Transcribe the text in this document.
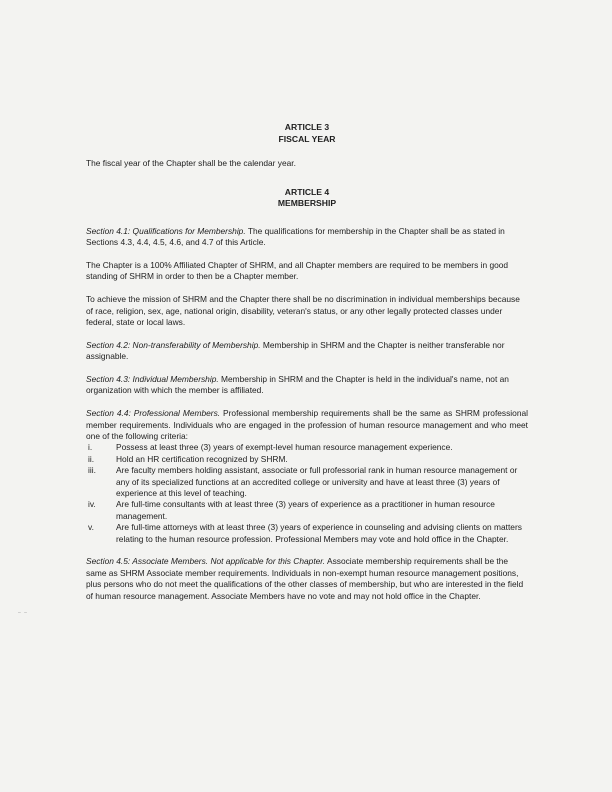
ARTICLE 3
FISCAL YEAR

The fiscal year of the Chapter shall be the calendar year.

ARTICLE 4
MEMBERSHIP

Section 4.1: Qualifications for Membership. The qualifications for membership in the Chapter shall be as stated in Sections 4.3, 4.4, 4.5, 4.6, and 4.7 of this Article.

The Chapter is a 100% Affiliated Chapter of SHRM, and all Chapter members are required to be members in good standing of SHRM in order to then be a Chapter member.

To achieve the mission of SHRM and the Chapter there shall be no discrimination in individual memberships because of race, religion, sex, age, national origin, disability, veteran's status, or any other legally protected classes under federal, state or local laws.

Section 4.2: Non-transferability of Membership. Membership in SHRM and the Chapter is neither transferable nor assignable.

Section 4.3: Individual Membership. Membership in SHRM and the Chapter is held in the individual's name, not an organization with which the member is affiliated.

Section 4.4: Professional Members. Professional membership requirements shall be the same as SHRM professional member requirements. Individuals who are engaged in the profession of human resource management and who meet one of the following criteria:

i.	Possess at least three (3) years of exempt-level human resource management experience.
ii.	Hold an HR certification recognized by SHRM.
iii.	Are faculty members holding assistant, associate or full professorial rank in human resource management or any of its specialized functions at an accredited college or university and have at least three (3) years of experience at this level of teaching.
iv.	Are full-time consultants with at least three (3) years of experience as a practitioner in human resource management.
v.	Are full-time attorneys with at least three (3) years of experience in counseling and advising clients on matters relating to the human resource profession. Professional Members may vote and hold office in the Chapter.

Section 4.5: Associate Members. Not applicable for this Chapter. Associate membership requirements shall be the same as SHRM Associate member requirements. Individuals in non-exempt human resource management positions, plus persons who do not meet the qualifications of the other classes of membership, but who are interested in the field of human resource management. Associate Members have no vote and may not hold office in the Chapter.

– –
